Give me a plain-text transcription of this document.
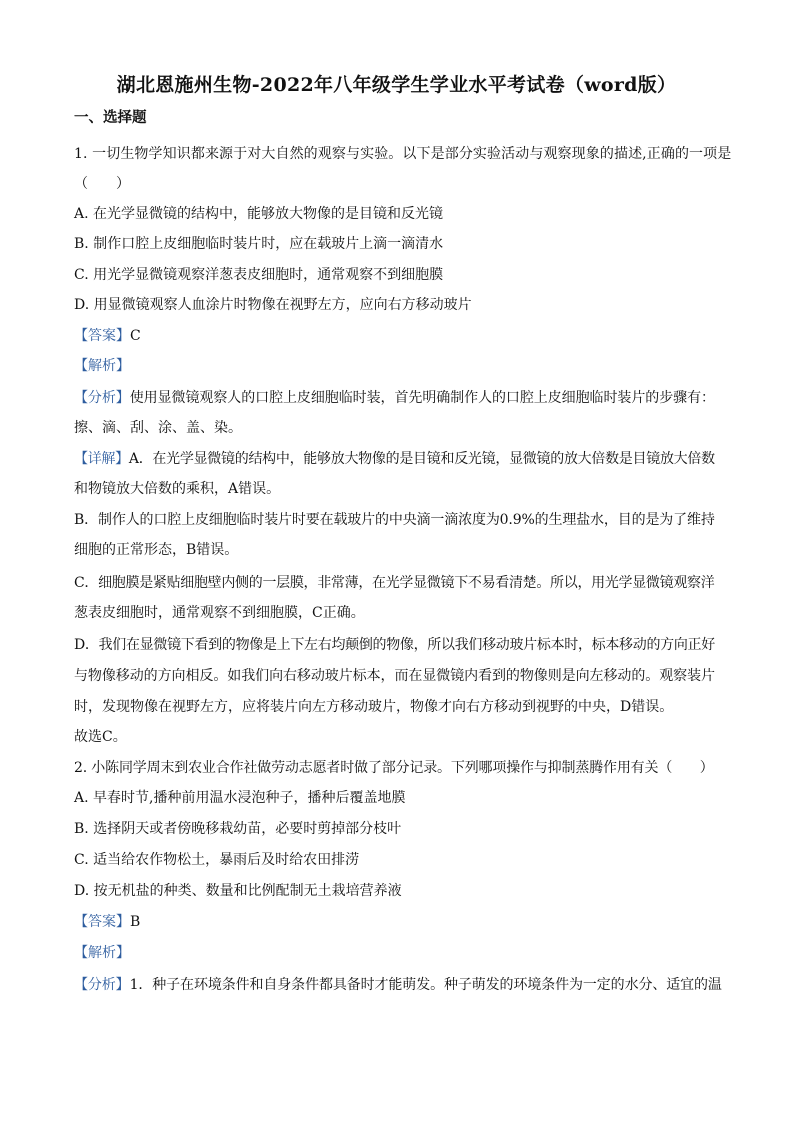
湖北恩施州生物-2022年八年级学生学业水平考试卷（word版）
一、选择题
1. 一切生物学知识都来源于对大自然的观察与实验。以下是部分实验活动与观察现象的描述,正确的一项是
（　　）
A. 在光学显微镜的结构中，能够放大物像的是目镜和反光镜
B. 制作口腔上皮细胞临时装片时，应在载玻片上滴一滴清水
C. 用光学显微镜观察洋葱表皮细胞时，通常观察不到细胞膜
D. 用显微镜观察人血涂片时物像在视野左方，应向右方移动玻片
【答案】C
【解析】
【分析】使用显微镜观察人的口腔上皮细胞临时装，首先明确制作人的口腔上皮细胞临时装片的步骤有：
擦、滴、刮、涂、盖、染。
【详解】A．在光学显微镜的结构中，能够放大物像的是目镜和反光镜，显微镜的放大倍数是目镜放大倍数
和物镜放大倍数的乘积，A错误。
B．制作人的口腔上皮细胞临时装片时要在载玻片的中央滴一滴浓度为0.9%的生理盐水，目的是为了维持
细胞的正常形态，B错误。
C．细胞膜是紧贴细胞壁内侧的一层膜，非常薄，在光学显微镜下不易看清楚。所以，用光学显微镜观察洋
葱表皮细胞时，通常观察不到细胞膜，C正确。
D．我们在显微镜下看到的物像是上下左右均颠倒的物像，所以我们移动玻片标本时，标本移动的方向正好
与物像移动的方向相反。如我们向右移动玻片标本，而在显微镜内看到的物像则是向左移动的。观察装片
时，发现物像在视野左方，应将装片向左方移动玻片，物像才向右方移动到视野的中央，D错误。
故选C。
2. 小陈同学周末到农业合作社做劳动志愿者时做了部分记录。下列哪项操作与抑制蒸腾作用有关（　　）
A. 早春时节,播种前用温水浸泡种子，播种后覆盖地膜
B. 选择阴天或者傍晚移栽幼苗，必要时剪掉部分枝叶
C. 适当给农作物松土，暴雨后及时给农田排涝
D. 按无机盐的种类、数量和比例配制无土栽培营养液
【答案】B
【解析】
【分析】1．种子在环境条件和自身条件都具备时才能萌发。种子萌发的环境条件为一定的水分、适宜的温
